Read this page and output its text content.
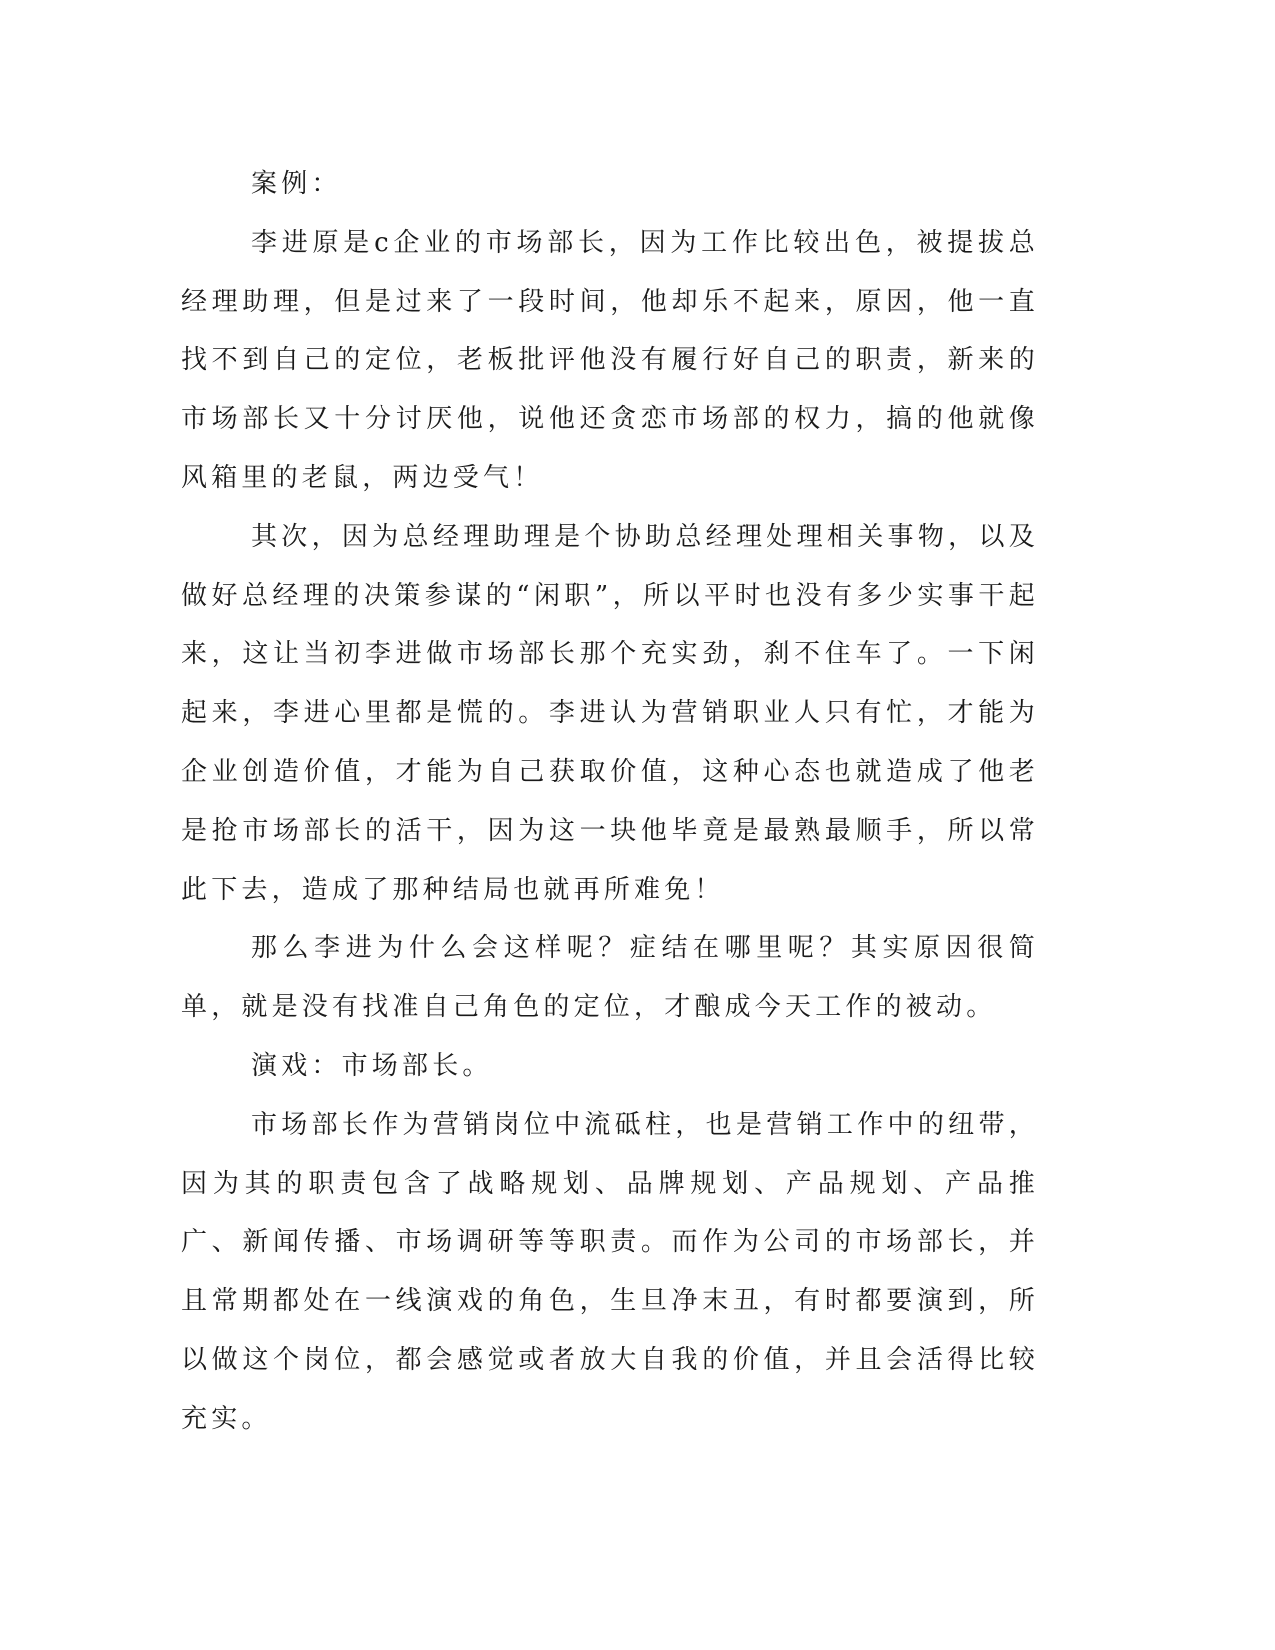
案例：

李进原是c企业的市场部长，因为工作比较出色，被提拔总经理助理，但是过来了一段时间，他却乐不起来，原因，他一直找不到自己的定位，老板批评他没有履行好自己的职责，新来的市场部长又十分讨厌他，说他还贪恋市场部的权力，搞的他就像风箱里的老鼠，两边受气！

其次，因为总经理助理是个协助总经理处理相关事物，以及做好总经理的决策参谋的“闲职”，所以平时也没有多少实事干起来，这让当初李进做市场部长那个充实劲，刹不住车了。一下闲起来，李进心里都是慌的。李进认为营销职业人只有忙，才能为企业创造价值，才能为自己获取价值，这种心态也就造成了他老是抢市场部长的活干，因为这一块他毕竟是最熟最顺手，所以常此下去，造成了那种结局也就再所难免！

那么李进为什么会这样呢？症结在哪里呢？其实原因很简单，就是没有找准自己角色的定位，才酿成今天工作的被动。

演戏：市场部长。

市场部长作为营销岗位中流砥柱，也是营销工作中的纽带，因为其的职责包含了战略规划、品牌规划、产品规划、产品推广、新闻传播、市场调研等等职责。而作为公司的市场部长，并且常期都处在一线演戏的角色，生旦净末丑，有时都要演到，所以做这个岗位，都会感觉或者放大自我的价值，并且会活得比较充实。
